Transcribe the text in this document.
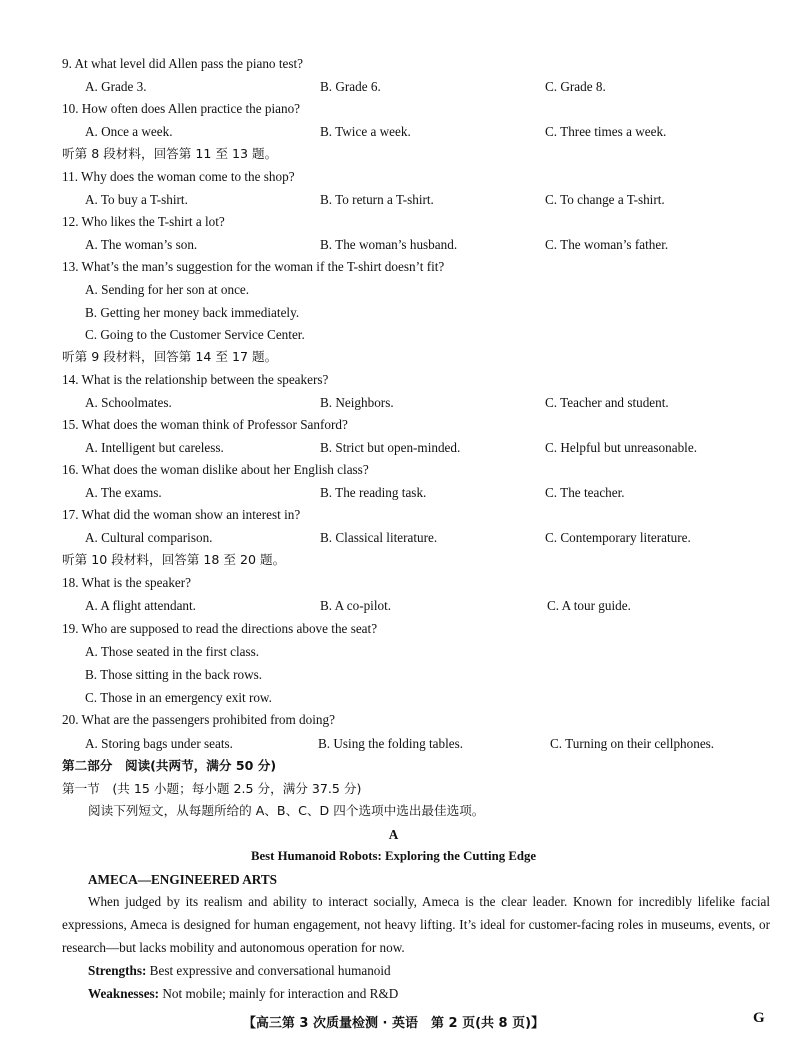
9. At what level did Allen pass the piano test?
A. Grade 3.	B. Grade 6.	C. Grade 8.
10. How often does Allen practice the piano?
A. Once a week.	B. Twice a week.	C. Three times a week.
听第 8 段材料，回答第 11 至 13 题。
11. Why does the woman come to the shop?
A. To buy a T-shirt.	B. To return a T-shirt.	C. To change a T-shirt.
12. Who likes the T-shirt a lot?
A. The woman’s son.	B. The woman’s husband.	C. The woman’s father.
13. What’s the man’s suggestion for the woman if the T-shirt doesn’t fit?
A. Sending for her son at once.
B. Getting her money back immediately.
C. Going to the Customer Service Center.
听第 9 段材料，回答第 14 至 17 题。
14. What is the relationship between the speakers?
A. Schoolmates.	B. Neighbors.	C. Teacher and student.
15. What does the woman think of Professor Sanford?
A. Intelligent but careless.	B. Strict but open-minded.	C. Helpful but unreasonable.
16. What does the woman dislike about her English class?
A. The exams.	B. The reading task.	C. The teacher.
17. What did the woman show an interest in?
A. Cultural comparison.	B. Classical literature.	C. Contemporary literature.
听第 10 段材料，回答第 18 至 20 题。
18. What is the speaker?
A. A flight attendant.	B. A co-pilot.	C. A tour guide.
19. Who are supposed to read the directions above the seat?
A. Those seated in the first class.
B. Those sitting in the back rows.
C. Those in an emergency exit row.
20. What are the passengers prohibited from doing?
A. Storing bags under seats.	B. Using the folding tables.	C. Turning on their cellphones.
第二部分　阅读(共两节，满分 50 分)
第一节　(共 15 小题；每小题 2.5 分，满分 37.5 分)
阅读下列短文，从每题所给的 A、B、C、D 四个选项中选出最佳选项。
A
Best Humanoid Robots: Exploring the Cutting Edge
AMECA—ENGINEERED ARTS
When judged by its realism and ability to interact socially, Ameca is the clear leader. Known for incredibly lifelike facial expressions, Ameca is designed for human engagement, not heavy lifting. It’s ideal for customer-facing roles in museums, events, or research—but lacks mobility and autonomous operation for now.
Strengths: Best expressive and conversational humanoid
Weaknesses: Not mobile; mainly for interaction and R&D
【高三第 3 次质量检测 · 英语　第 2 页(共 8 页)】	G
